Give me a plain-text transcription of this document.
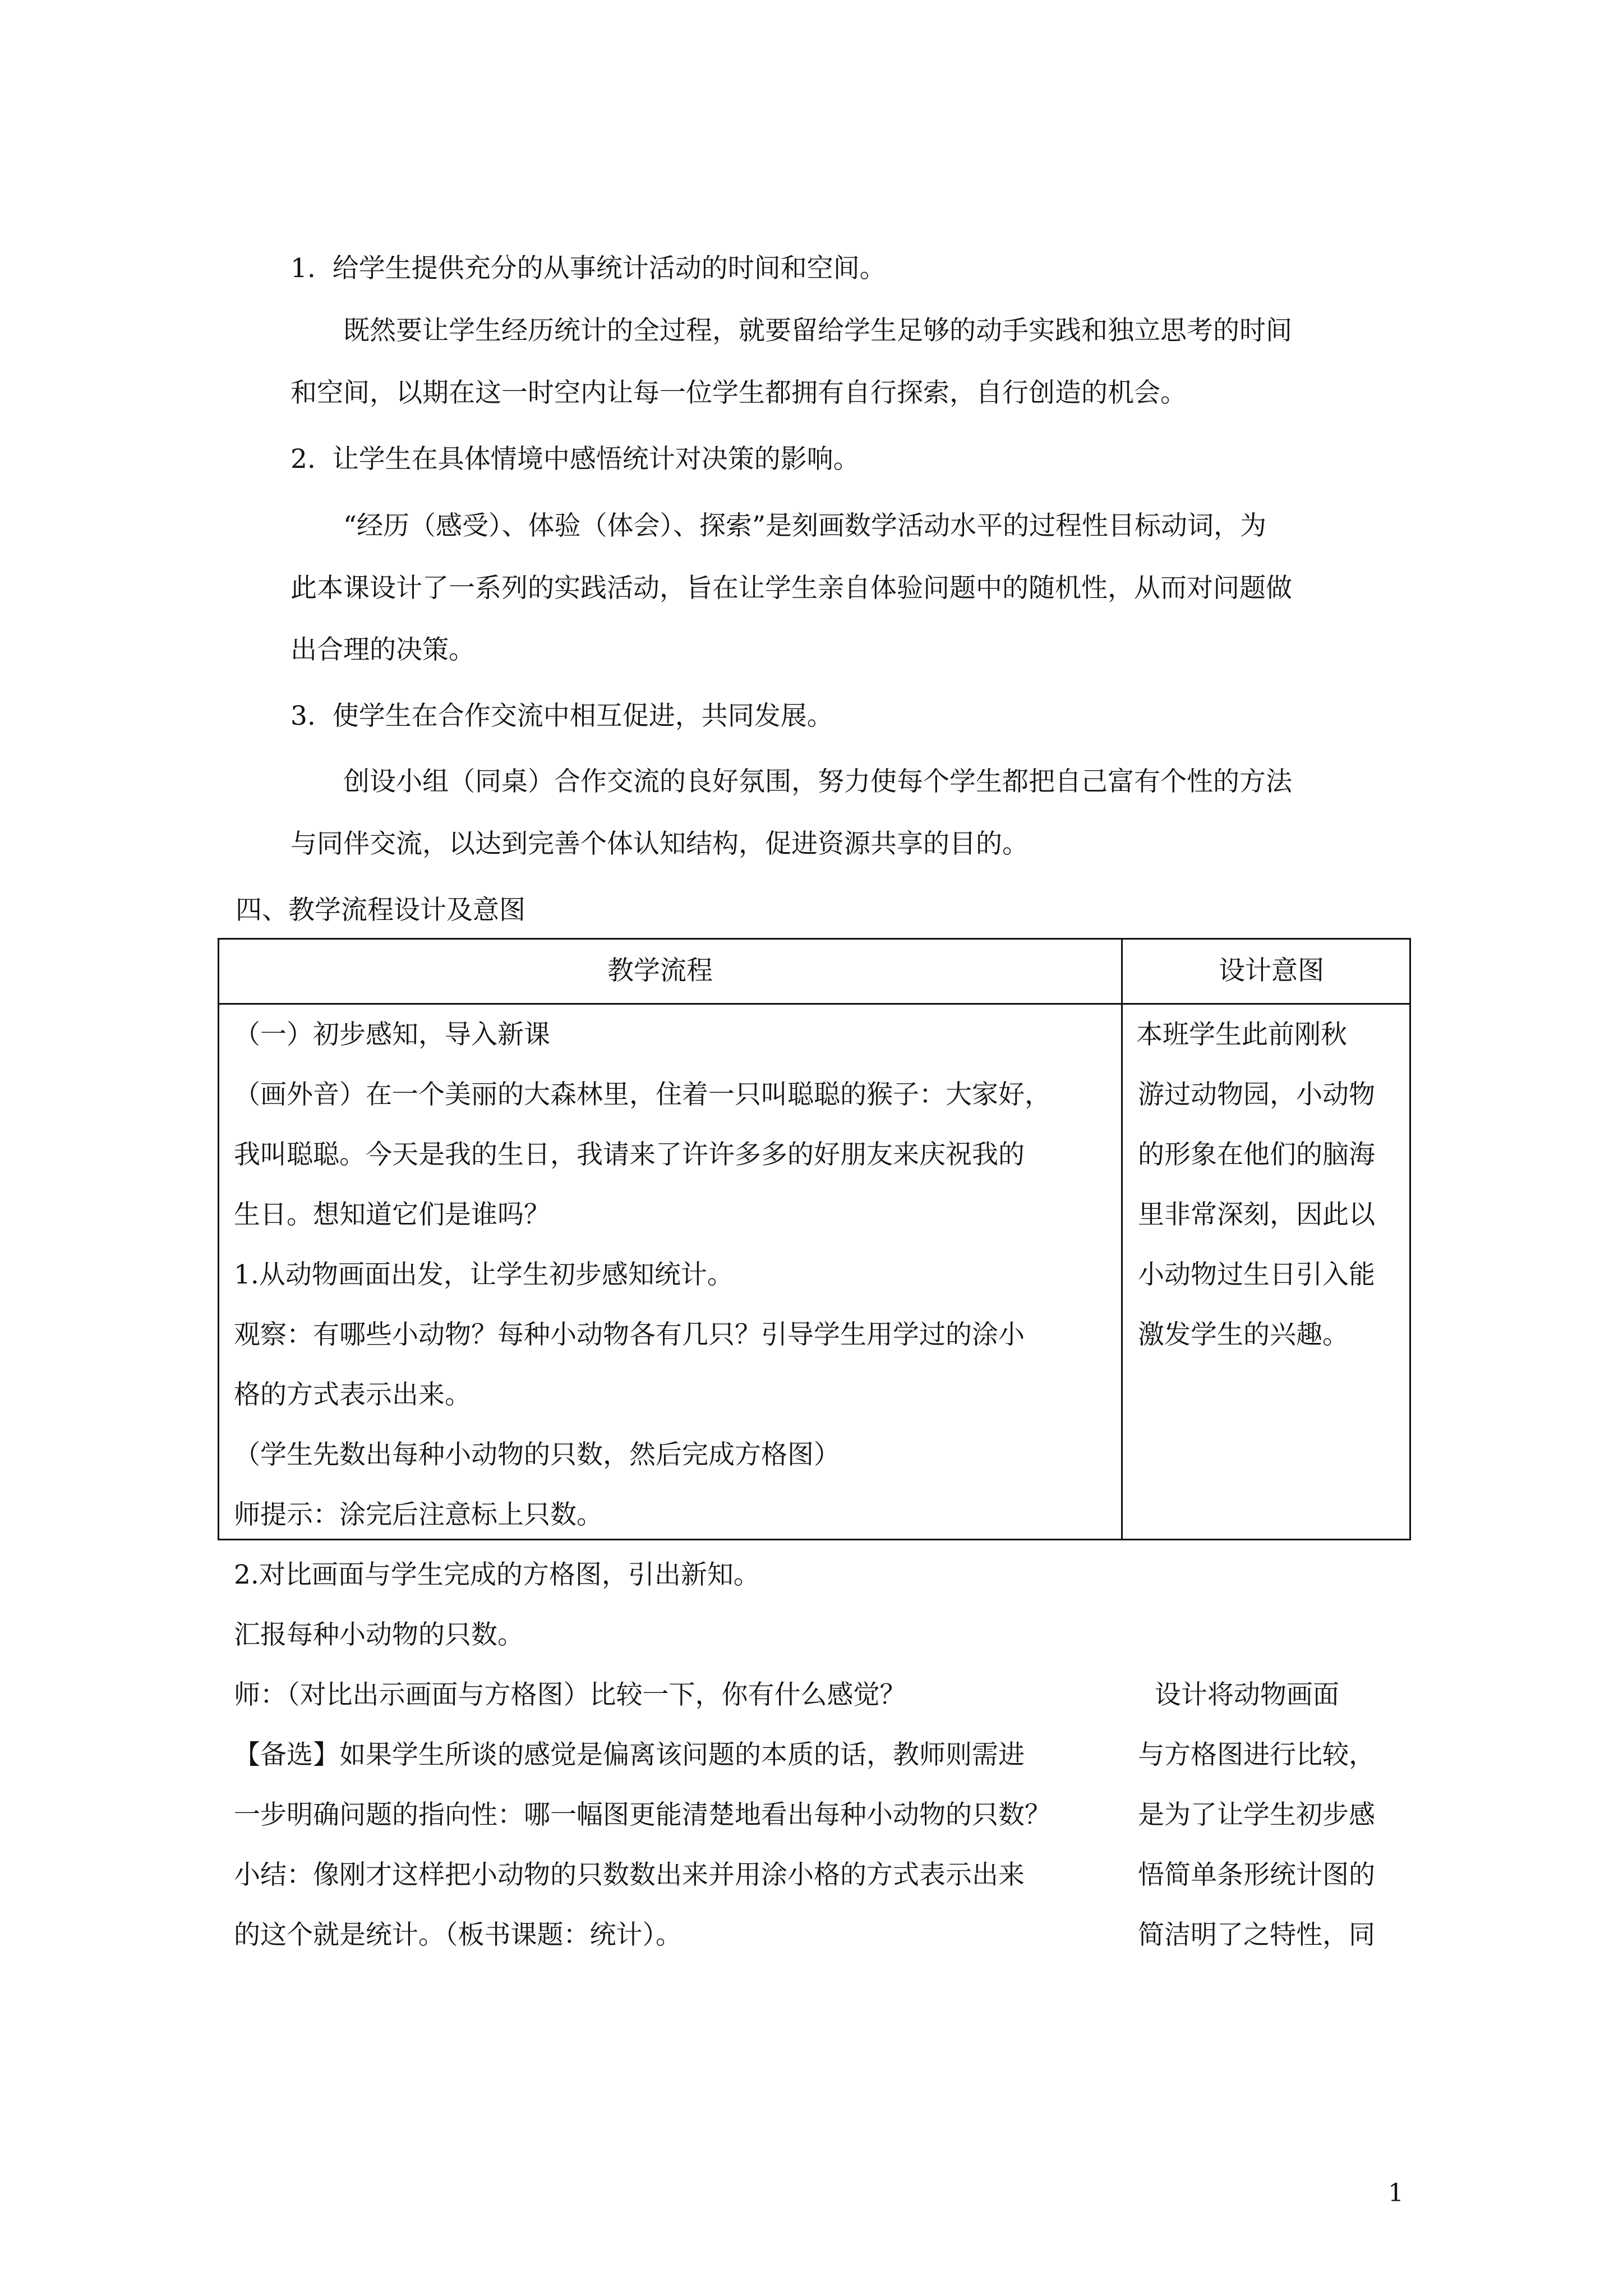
1.  给学生提供充分的从事统计活动的时间和空间。
既然要让学生经历统计的全过程，就要留给学生足够的动手实践和独立思考的时间
和空间，以期在这一时空内让每一位学生都拥有自行探索，自行创造的机会。
2.  让学生在具体情境中感悟统计对决策的影响。
“经历（感受）、体验（体会）、探索”是刻画数学活动水平的过程性目标动词，为
此本课设计了一系列的实践活动，旨在让学生亲自体验问题中的随机性，从而对问题做
出合理的决策。
3.  使学生在合作交流中相互促进，共同发展。
创设小组（同桌）合作交流的良好氛围，努力使每个学生都把自己富有个性的方法
与同伴交流，以达到完善个体认知结构，促进资源共享的目的。
四、教学流程设计及意图
教学流程	设计意图
（一）初步感知，导入新课
（画外音）在一个美丽的大森林里，住着一只叫聪聪的猴子：大家好，
我叫聪聪。今天是我的生日，我请来了许许多多的好朋友来庆祝我的
生日。想知道它们是谁吗？
1.从动物画面出发，让学生初步感知统计。
观察：有哪些小动物？每种小动物各有几只？引导学生用学过的涂小
格的方式表示出来。
（学生先数出每种小动物的只数，然后完成方格图）
师提示：涂完后注意标上只数。
2.对比画面与学生完成的方格图，引出新知。
汇报每种小动物的只数。
师：（对比出示画面与方格图）比较一下，你有什么感觉？
【备选】如果学生所谈的感觉是偏离该问题的本质的话，教师则需进
一步明确问题的指向性：哪一幅图更能清楚地看出每种小动物的只数？
小结：像刚才这样把小动物的只数数出来并用涂小格的方式表示出来
的这个就是统计。（板书课题：统计）。
本班学生此前刚秋
游过动物园，小动物
的形象在他们的脑海
里非常深刻，因此以
小动物过生日引入能
激发学生的兴趣。
设计将动物画面
与方格图进行比较，
是为了让学生初步感
悟简单条形统计图的
简洁明了之特性，同
1
